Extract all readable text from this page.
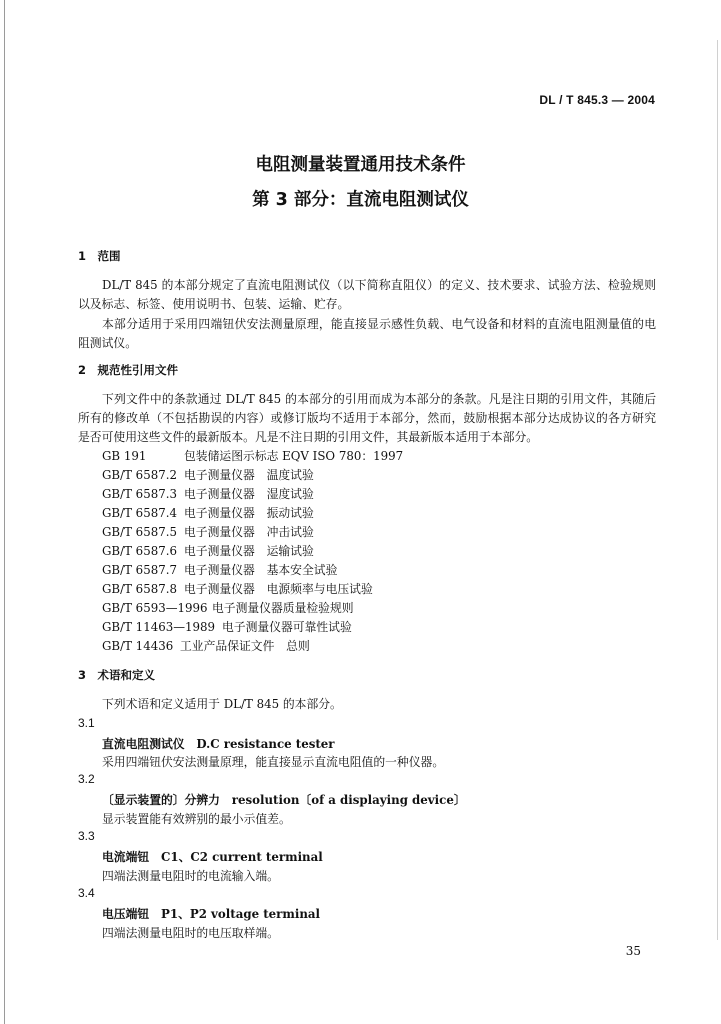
DL / T 845.3 — 2004
电阻测量装置通用技术条件
第 3 部分：直流电阻测试仪
1　范围
DL/T 845 的本部分规定了直流电阻测试仪（以下简称直阻仪）的定义、技术要求、试验方法、检验规则以及标志、标签、使用说明书、包装、运输、贮存。
本部分适用于采用四端钮伏安法测量原理，能直接显示感性负载、电气设备和材料的直流电阻测量值的电阻测试仪。
2　规范性引用文件
下列文件中的条款通过 DL/T 845 的本部分的引用而成为本部分的条款。凡是注日期的引用文件，其随后所有的修改单（不包括勘误的内容）或修订版均不适用于本部分，然而，鼓励根据本部分达成协议的各方研究是否可使用这些文件的最新版本。凡是不注日期的引用文件，其最新版本适用于本部分。
GB 191	包装储运图示标志 EQV ISO 780：1997
GB/T 6587.2 电子测量仪器　温度试验
GB/T 6587.3 电子测量仪器　湿度试验
GB/T 6587.4 电子测量仪器　振动试验
GB/T 6587.5 电子测量仪器　冲击试验
GB/T 6587.6 电子测量仪器　运输试验
GB/T 6587.7 电子测量仪器　基本安全试验
GB/T 6587.8 电子测量仪器　电源频率与电压试验
GB/T 6593—1996 电子测量仪器质量检验规则
GB/T 11463—1989 电子测量仪器可靠性试验
GB/T 14436 工业产品保证文件　总则
3　术语和定义
下列术语和定义适用于 DL/T 845 的本部分。
3.1
直流电阻测试仪　D.C resistance tester
采用四端钮伏安法测量原理，能直接显示直流电阻值的一种仪器。
3.2
〔显示装置的〕分辨力　resolution〔of a displaying device〕
显示装置能有效辨别的最小示值差。
3.3
电流端钮　C1、C2 current terminal
四端法测量电阻时的电流输入端。
3.4
电压端钮　P1、P2 voltage terminal
四端法测量电阻时的电压取样端。
35
